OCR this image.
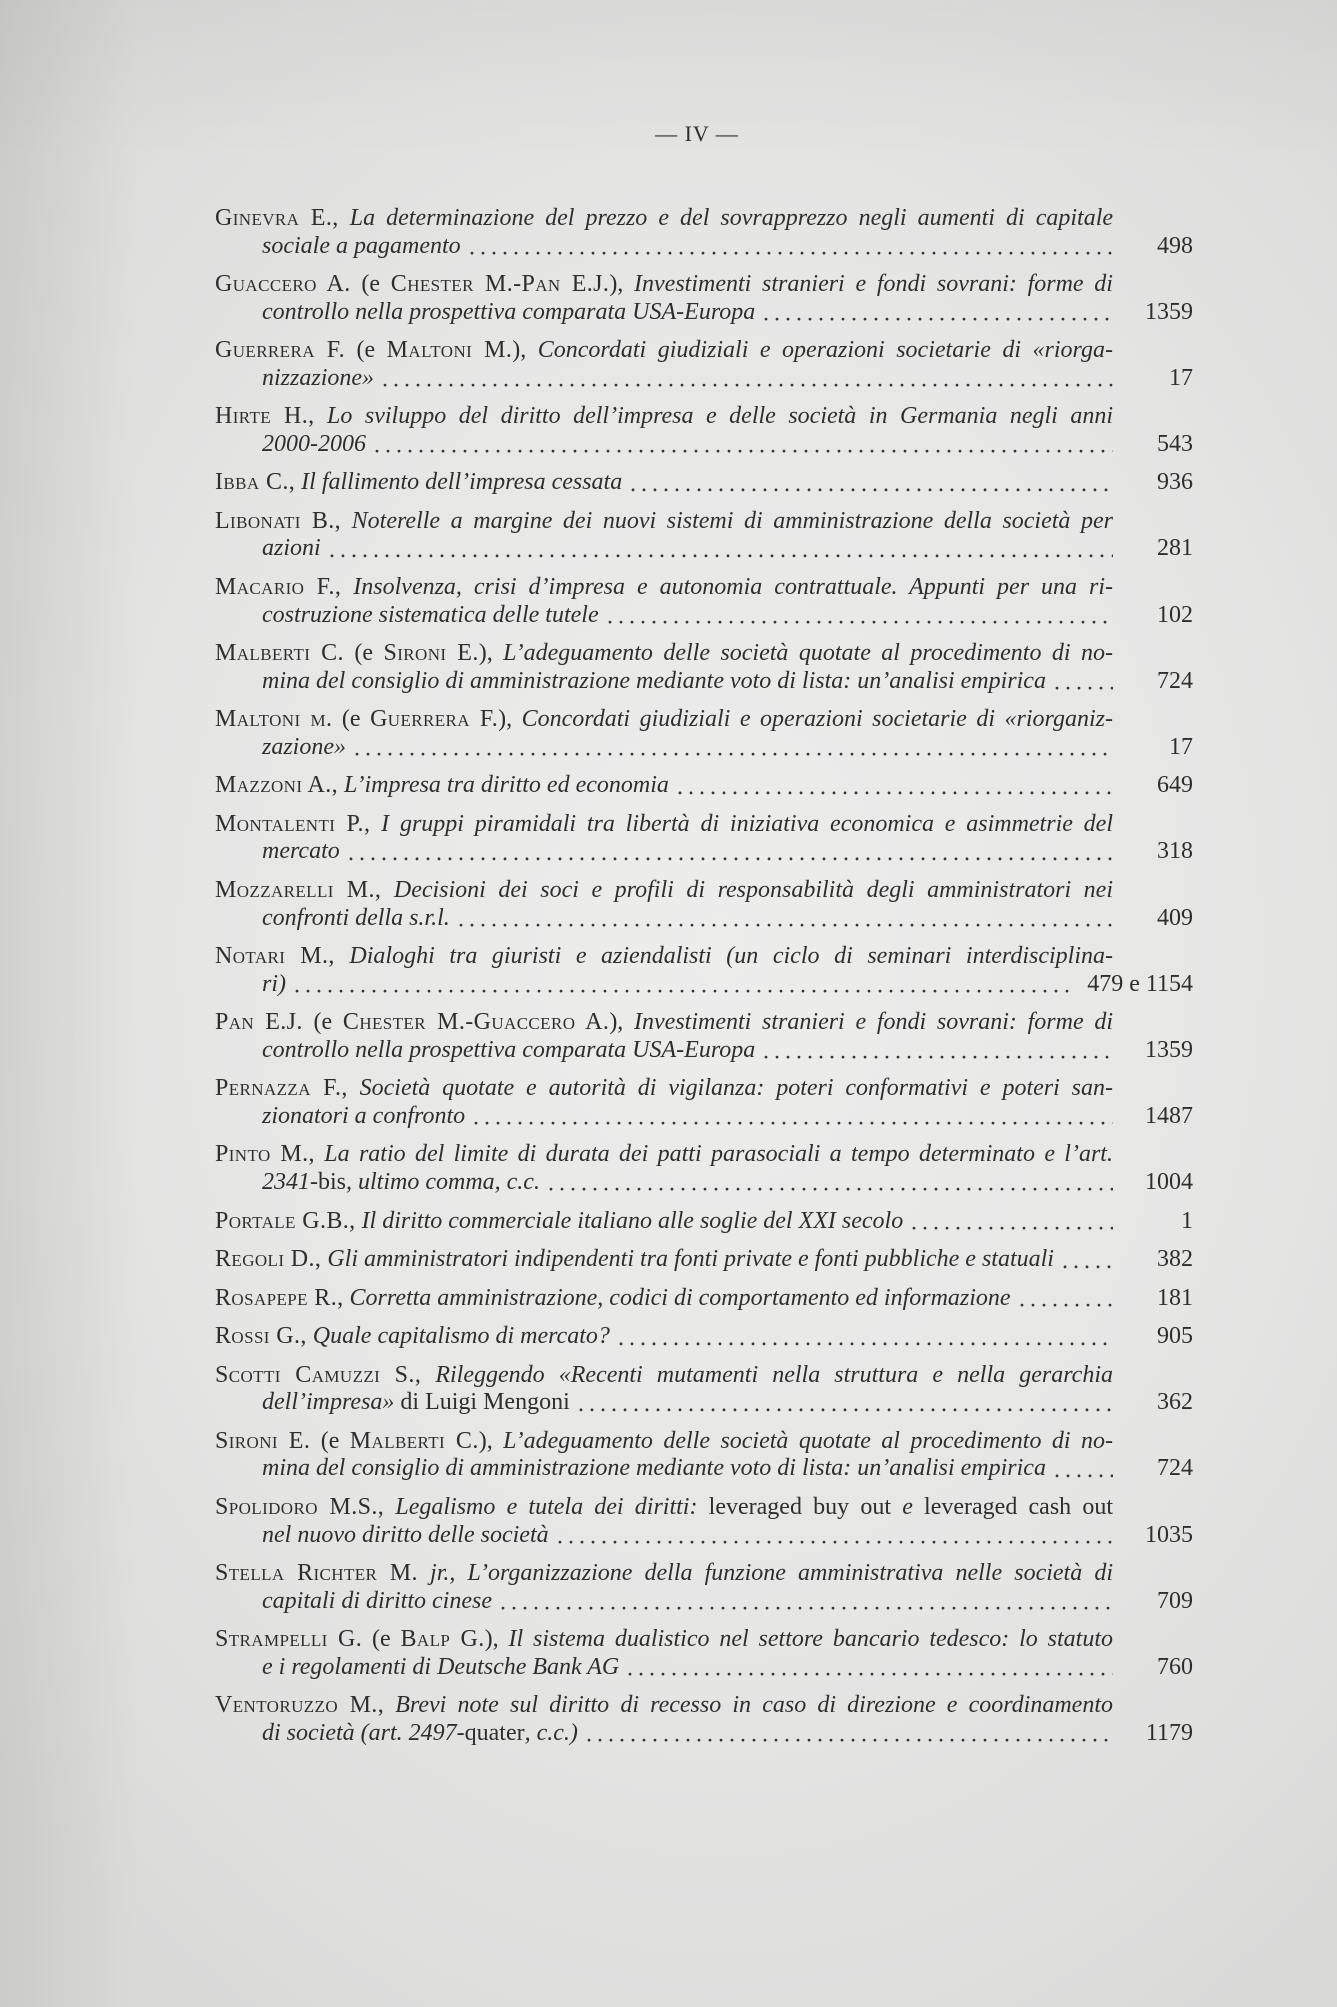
— IV —
Ginevra E., La determinazione del prezzo e del sovrapprezzo negli aumenti di capitale
sociale a pagamento	498
Guaccero A. (e Chester M.-Pan E.J.), Investimenti stranieri e fondi sovrani: forme di
controllo nella prospettiva comparata USA-Europa	1359
Guerrera F. (e Maltoni M.), Concordati giudiziali e operazioni societarie di «riorga-
nizzazione»	17
Hirte H., Lo sviluppo del diritto dell’impresa e delle società in Germania negli anni
2000-2006	543
Ibba C., Il fallimento dell’impresa cessata	936
Libonati B., Noterelle a margine dei nuovi sistemi di amministrazione della società per
azioni	281
Macario F., Insolvenza, crisi d’impresa e autonomia contrattuale. Appunti per una ri-
costruzione sistematica delle tutele	102
Malberti C. (e Sironi E.), L’adeguamento delle società quotate al procedimento di no-
mina del consiglio di amministrazione mediante voto di lista: un’analisi empirica	724
Maltoni m. (e Guerrera F.), Concordati giudiziali e operazioni societarie di «riorganiz-
zazione»	17
Mazzoni A., L’impresa tra diritto ed economia	649
Montalenti P., I gruppi piramidali tra libertà di iniziativa economica e asimmetrie del
mercato	318
Mozzarelli M., Decisioni dei soci e profili di responsabilità degli amministratori nei
confronti della s.r.l.	409
Notari M., Dialoghi tra giuristi e aziendalisti (un ciclo di seminari interdisciplina-
ri)	479 e 1154
Pan E.J. (e Chester M.-Guaccero A.), Investimenti stranieri e fondi sovrani: forme di
controllo nella prospettiva comparata USA-Europa	1359
Pernazza F., Società quotate e autorità di vigilanza: poteri conformativi e poteri san-
zionatori a confronto	1487
Pinto M., La ratio del limite di durata dei patti parasociali a tempo determinato e l’art.
2341-bis, ultimo comma, c.c.	1004
Portale G.B., Il diritto commerciale italiano alle soglie del XXI secolo	1
Regoli D., Gli amministratori indipendenti tra fonti private e fonti pubbliche e statuali	382
Rosapepe R., Corretta amministrazione, codici di comportamento ed informazione	181
Rossi G., Quale capitalismo di mercato?	905
Scotti Camuzzi S., Rileggendo «Recenti mutamenti nella struttura e nella gerarchia
dell’impresa» di Luigi Mengoni	362
Sironi E. (e Malberti C.), L’adeguamento delle società quotate al procedimento di no-
mina del consiglio di amministrazione mediante voto di lista: un’analisi empirica	724
Spolidoro M.S., Legalismo e tutela dei diritti: leveraged buy out e leveraged cash out
nel nuovo diritto delle società	1035
Stella Richter M. jr., L’organizzazione della funzione amministrativa nelle società di
capitali di diritto cinese	709
Strampelli G. (e Balp G.), Il sistema dualistico nel settore bancario tedesco: lo statuto
e i regolamenti di Deutsche Bank AG	760
Ventoruzzo M., Brevi note sul diritto di recesso in caso di direzione e coordinamento
di società (art. 2497-quater, c.c.)	1179
